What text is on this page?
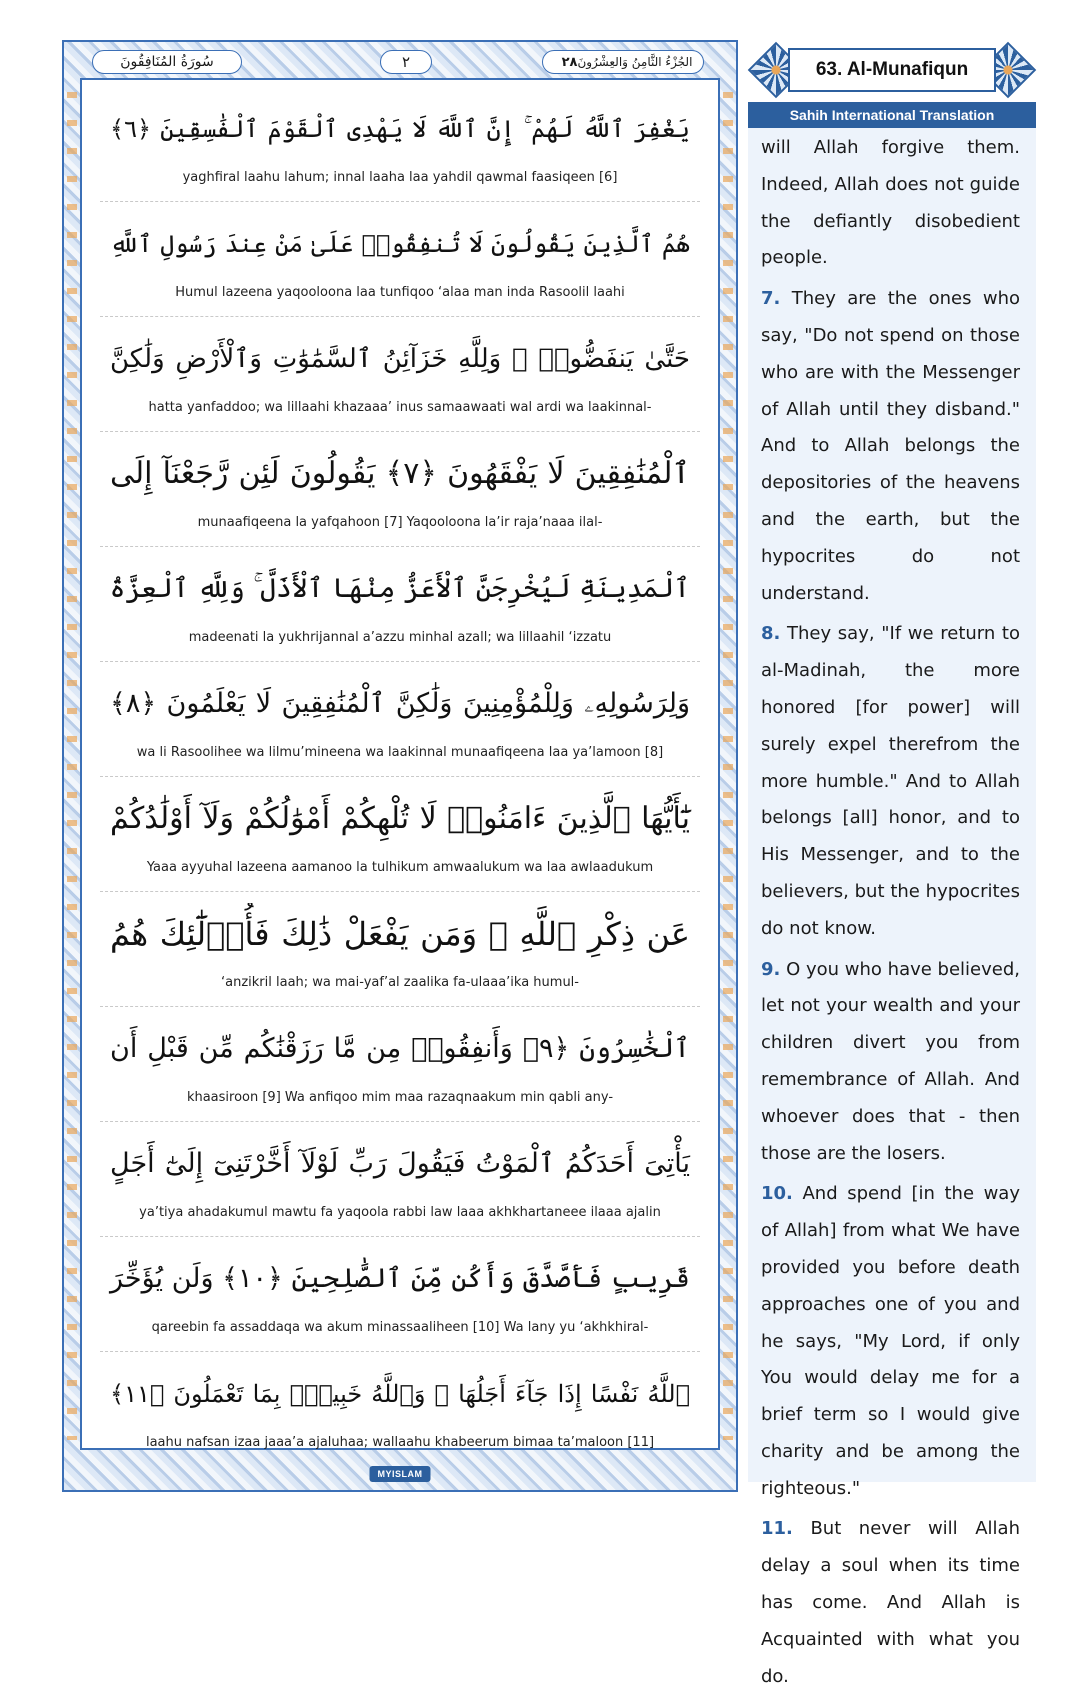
سُورَةُ المُنَافِقُونَ	٢	الجُزْءُ الثَّامِنُ وَالعِشْرُونَ
٢٨
يَغْفِرَ ٱللَّهُ لَهُمْ ۚ إِنَّ ٱللَّهَ لَا يَهْدِى ٱلْقَوْمَ ٱلْفَٰسِقِينَ ﴿٦﴾
yaghfiral laahu lahum; innal laaha laa yahdil qawmal faasiqeen [6]
هُمُ ٱلَّذِينَ يَقُولُونَ لَا تُنفِقُوا۟ عَلَىٰ مَنْ عِندَ رَسُولِ ٱللَّهِ
Humul lazeena yaqooloona laa tunfiqoo ‘alaa man inda Rasoolil laahi
حَتَّىٰ يَنفَضُّوا۟ ۗ وَلِلَّهِ خَزَآئِنُ ٱلسَّمَٰوَٰتِ وَٱلْأَرْضِ وَلَٰكِنَّ
hatta yanfaddoo; wa lillaahi khazaaa’ inus samaawaati wal ardi wa laakinnal-
ٱلْمُنَٰفِقِينَ لَا يَفْقَهُونَ ﴿٧﴾ يَقُولُونَ لَئِن رَّجَعْنَآ إِلَى
munaafiqeena la yafqahoon [7] Yaqooloona la’ir raja’naaa ilal-
ٱلْمَدِينَةِ لَيُخْرِجَنَّ ٱلْأَعَزُّ مِنْهَا ٱلْأَذَلَّ ۚ وَلِلَّهِ ٱلْعِزَّةُ
madeenati la yukhrijannal a’azzu minhal azall; wa lillaahil ‘izzatu
وَلِرَسُولِهِۦ وَلِلْمُؤْمِنِينَ وَلَٰكِنَّ ٱلْمُنَٰفِقِينَ لَا يَعْلَمُونَ ﴿٨﴾
wa li Rasoolihee wa lilmu’mineena wa laakinnal munaafiqeena laa ya’lamoon [8]
يَٰٓأَيُّهَا ٱلَّذِينَ ءَامَنُوا۟ لَا تُلْهِكُمْ أَمْوَٰلُكُمْ وَلَآ أَوْلَٰدُكُمْ
Yaaa ayyuhal lazeena aamanoo la tulhikum amwaalukum wa laa awlaadukum
عَن ذِكْرِ ٱللَّهِ ۚ وَمَن يَفْعَلْ ذَٰلِكَ فَأُو۟لَٰٓئِكَ هُمُ
‘anzikril laah; wa mai-yaf’al zaalika fa-ulaaa’ika humul-
ٱلْخَٰسِرُونَ ﴿٩﴾ وَأَنفِقُوا۟ مِن مَّا رَزَقْنَٰكُم مِّن قَبْلِ أَن
khaasiroon [9] Wa anfiqoo mim maa razaqnaakum min qabli any-
يَأْتِىَ أَحَدَكُمُ ٱلْمَوْتُ فَيَقُولَ رَبِّ لَوْلَآ أَخَّرْتَنِىٓ إِلَىٰٓ أَجَلٍ
ya’tiya ahadakumul mawtu fa yaqoola rabbi law laaa akhkhartaneee ilaaa ajalin
قَرِيبٍ فَأَصَّدَّقَ وَأَكُن مِّنَ ٱلصَّٰلِحِينَ ﴿١٠﴾ وَلَن يُؤَخِّرَ
qareebin fa assaddaqa wa akum minassaaliheen [10] Wa lany yu ‘akhkhiral-
ٱللَّهُ نَفْسًا إِذَا جَآءَ أَجَلُهَا ۚ وَٱللَّهُ خَبِيرٌۢ بِمَا تَعْمَلُونَ ﴿١١﴾
laahu nafsan izaa jaaa’a ajaluhaa; wallaahu khabeerum bimaa ta’maloon [11]
MYISLAM
63. Al-Munafiqun
Sahih International Translation

will Allah forgive them. Indeed, Allah does not guide the defiantly disobedient people.

7. They are the ones who say, "Do not spend on those who are with the Messenger of Allah until they disband." And to Allah belongs the depositories of the heavens and the earth, but the hypocrites do not understand.

8. They say, "If we return to al-Madinah, the more honored [for power] will surely expel therefrom the more humble." And to Allah belongs [all] honor, and to His Messenger, and to the believers, but the hypocrites do not know.

9. O you who have believed, let not your wealth and your children divert you from remembrance of Allah. And whoever does that - then those are the losers.

10. And spend [in the way of Allah] from what We have provided you before death approaches one of you and he says, "My Lord, if only You would delay me for a brief term so I would give charity and be among the righteous."

11. But never will Allah delay a soul when its time has come. And Allah is Acquainted with what you do.
